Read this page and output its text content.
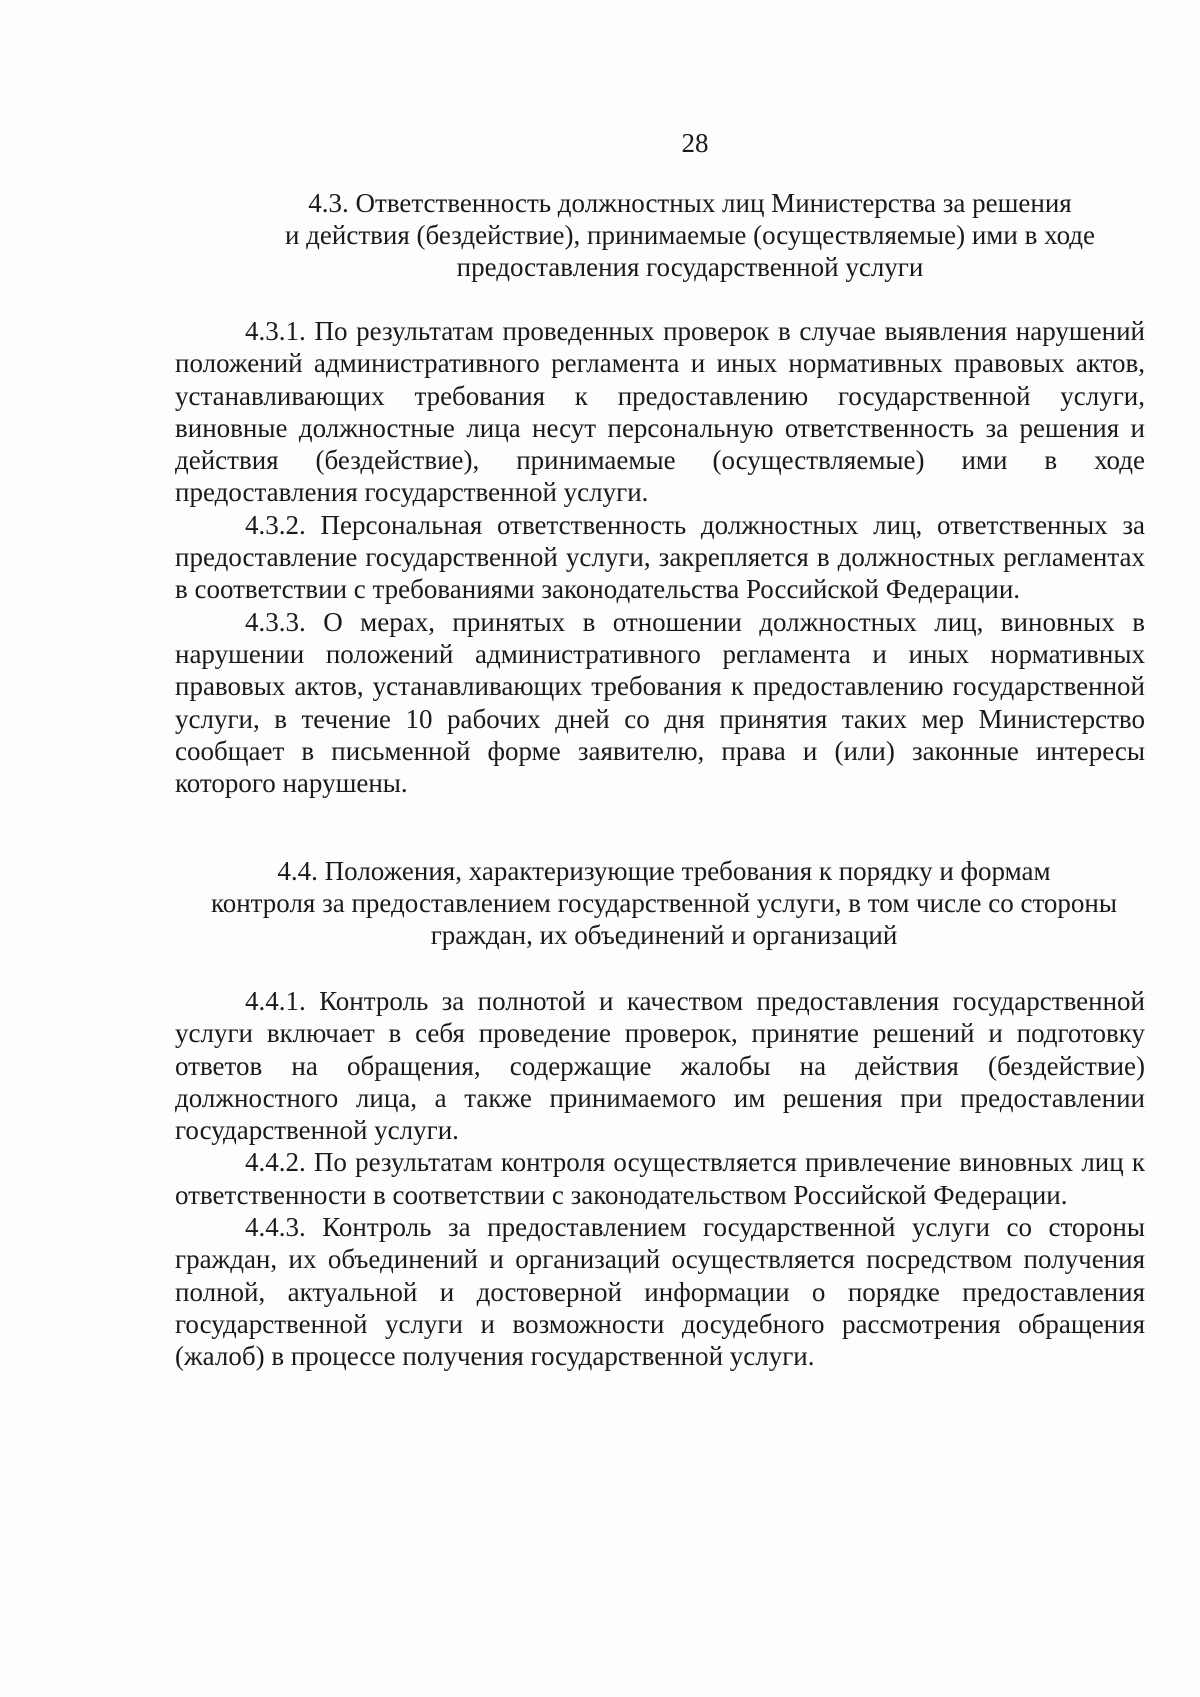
28
4.3. Ответственность должностных лиц Министерства за решения
и действия (бездействие), принимаемые (осуществляемые) ими в ходе
предоставления государственной услуги

4.3.1. По результатам проведенных проверок в случае выявления нарушений положений административного регламента и иных нормативных правовых актов, устанавливающих требования к предоставлению государственной услуги, виновные должностные лица несут персональную ответственность за решения и действия (бездействие), принимаемые (осуществляемые) ими в ходе предоставления государственной услуги.

4.3.2. Персональная ответственность должностных лиц, ответственных за предоставление государственной услуги, закрепляется в должностных регламентах в соответствии с требованиями законодательства Российской Федерации.

4.3.3. О мерах, принятых в отношении должностных лиц, виновных в нарушении положений административного регламента и иных нормативных правовых актов, устанавливающих требования к предоставлению государственной услуги, в течение 10 рабочих дней со дня принятия таких мер Министерство сообщает в письменной форме заявителю, права и (или) законные интересы которого нарушены.

4.4. Положения, характеризующие требования к порядку и формам
контроля за предоставлением государственной услуги, в том числе со стороны
граждан, их объединений и организаций

4.4.1. Контроль за полнотой и качеством предоставления государственной услуги включает в себя проведение проверок, принятие решений и подготовку ответов на обращения, содержащие жалобы на действия (бездействие) должностного лица, а также принимаемого им решения при предоставлении государственной услуги.

4.4.2. По результатам контроля осуществляется привлечение виновных лиц к ответственности в соответствии с законодательством Российской Федерации.

4.4.3. Контроль за предоставлением государственной услуги со стороны граждан, их объединений и организаций осуществляется посредством получения полной, актуальной и достоверной информации о порядке предоставления государственной услуги и возможности досудебного рассмотрения обращения (жалоб) в процессе получения государственной услуги.
